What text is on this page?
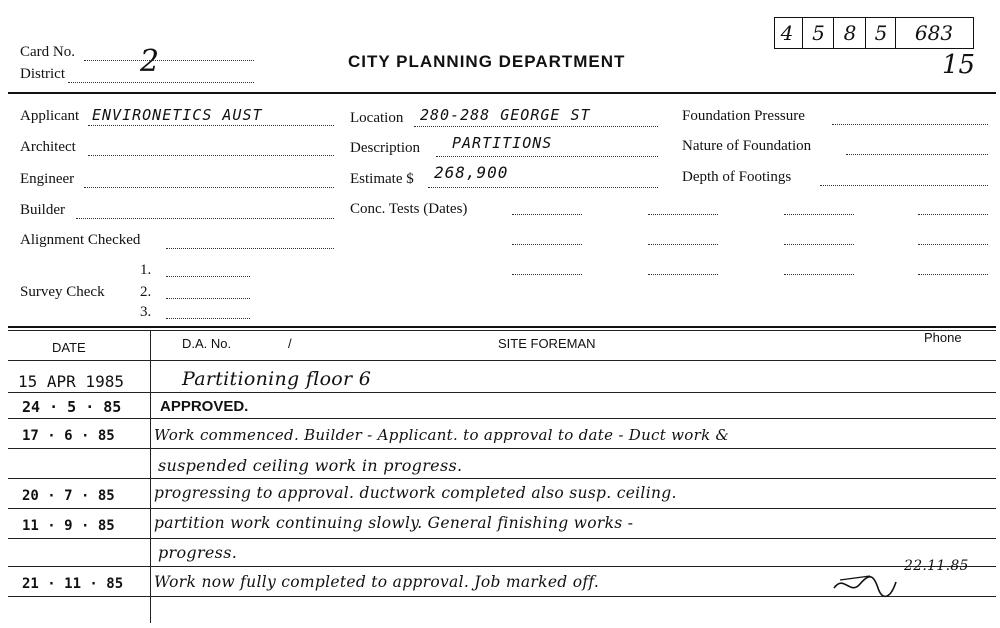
Card No.
District	2	CITY PLANNING DEPARTMENT
4 5 8 5	683
15
Applicant ENVIRONETICS AUST
Architect
Engineer
Builder
Alignment Checked
1.
Survey Check 2.
3.
Location 280-288 GEORGE ST
Description PARTITIONS
Estimate $ 268,900
Conc. Tests (Dates)
Foundation Pressure
Nature of Foundation
Depth of Footings
DATE	D.A. No.	/	SITE FOREMAN	Phone
15 APR 1985	Partitioning floor 6
24 · 5 · 85	APPROVED.
17 · 6 · 85	Work commenced. Builder - Applicant. to approval to date - Duct work &
suspended ceiling work in progress.
20 · 7 · 85	progressing to approval. ductwork completed also susp. ceiling.
11 · 9 · 85	partition work continuing slowly. General finishing works -
progress.
21 · 11 · 85 Work now fully completed to approval. Job marked off.
22.11.85
